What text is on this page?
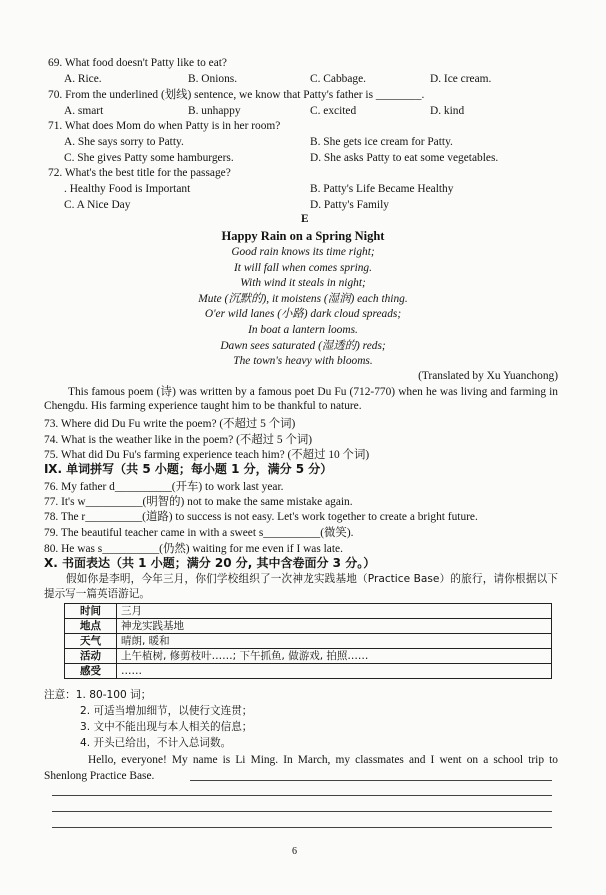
69. What food doesn't Patty like to eat?
A. Rice.	B. Onions.	C. Cabbage.	D. Ice cream.
70. From the underlined (划线) sentence, we know that Patty's father is ________.
A. smart	B. unhappy	C. excited	D. kind
71. What does Mom do when Patty is in her room?
A. She says sorry to Patty.	B. She gets ice cream for Patty.
C. She gives Patty some hamburgers.	D. She asks Patty to eat some vegetables.
72. What's the best title for the passage?
. Healthy Food is Important	B. Patty's Life Became Healthy
C. A Nice Day	D. Patty's Family
E
Happy Rain on a Spring Night
Good rain knows its time right;
It will fall when comes spring.
With wind it steals in night;
Mute (沉默的), it moistens (湿润) each thing.
O'er wild lanes (小路) dark cloud spreads;
In boat a lantern looms.
Dawn sees saturated (湿透的) reds;
The town's heavy with blooms.
(Translated by Xu Yuanchong)
This famous poem (诗) was written by a famous poet Du Fu (712-770) when he was living and farming in Chengdu. His farming experience taught him to be thankful to nature.
73. Where did Du Fu write the poem? (不超过 5 个词)
74. What is the weather like in the poem? (不超过 5 个词)
75. What did Du Fu's farming experience teach him? (不超过 10 个词)
Ⅸ. 单词拼写（共 5 小题；每小题 1 分，满分 5 分）
76. My father d__________(开车) to work last year.
77. It's w__________(明智的) not to make the same mistake again.
78. The r__________(道路) to success is not easy. Let's work together to create a bright future.
79. The beautiful teacher came in with a sweet s__________(微笑).
80. He was s__________(仍然) waiting for me even if I was late.
Ⅹ. 书面表达（共 1 小题；满分 20 分, 其中含卷面分 3 分。）
假如你是李明，今年三月，你们学校组织了一次神龙实践基地（Practice Base）的旅行，请你根据以下提示写一篇英语游记。
时间	三月
地点	神龙实践基地
天气	晴朗, 暖和
活动	上午植树, 修剪枝叶……; 下午抓鱼, 做游戏, 拍照……
感受	……
注意：1. 80-100 词；
2. 可适当增加细节，以使行文连贯；
3. 文中不能出现与本人相关的信息；
4. 开头已给出，不计入总词数。
Hello, everyone! My name is Li Ming. In March, my classmates and I went on a school trip to Shenlong Practice Base.
6
